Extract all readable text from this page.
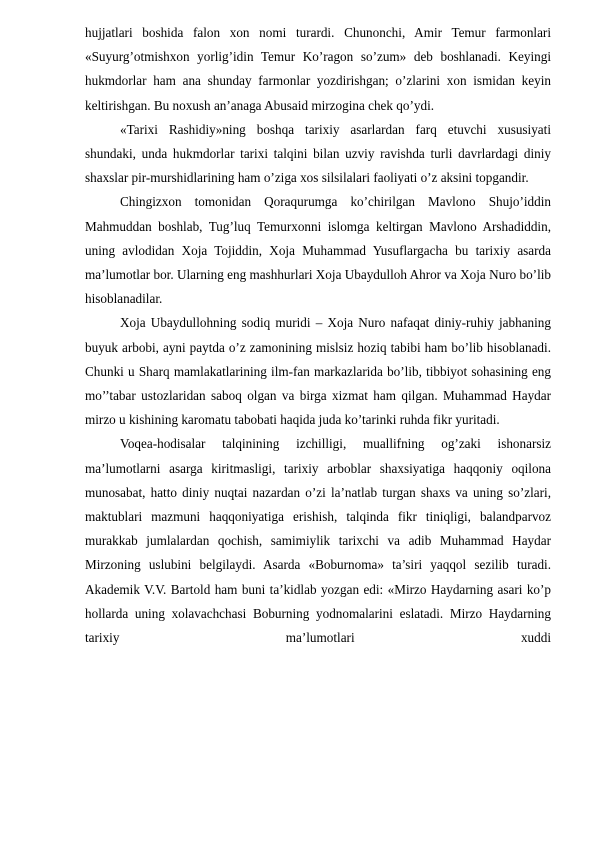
hujjatlari boshida falon xon nomi turardi. Chunonchi, Amir Temur farmonlari «Suyurg’otmishxon yorlig’idin Temur Ko’ragon so’zum» deb boshlanadi. Keyingi hukmdorlar ham ana shunday farmonlar yozdirishgan; o’zlarini xon ismidan keyin keltirishgan. Bu noxush an’anaga Abusaid mirzogina chek qo’ydi.

«Tarixi Rashidiy»ning boshqa tarixiy asarlardan farq etuvchi xususiyati shundaki, unda hukmdorlar tarixi talqini bilan uzviy ravishda turli davrlardagi diniy shaxslar pir-murshidlarining ham o’ziga xos silsilalari faoliyati o’z aksini topgandir.

Chingizxon tomonidan Qoraqurumga ko’chirilgan Mavlono Shujo’iddin Mahmuddan boshlab, Tug’luq Temurxonni islomga keltirgan Mavlono Arshadiddin, uning avlodidan Xoja Tojiddin, Xoja Muhammad Yusuflargacha bu tarixiy asarda ma’lumotlar bor. Ularning eng mashhurlari Xoja Ubaydulloh Ahror va Xoja Nuro bo’lib hisoblanadilar.

Xoja Ubaydullohning sodiq muridi – Xoja Nuro nafaqat diniy-ruhiy jabhaning buyuk arbobi, ayni paytda o’z zamonining mislsiz hoziq tabibi ham bo’lib hisoblanadi. Chunki u Sharq mamlakatlarining ilm-fan markazlarida bo’lib, tibbiyot sohasining eng mo’’tabar ustozlaridan saboq olgan va birga xizmat ham qilgan. Muhammad Haydar mirzo u kishining karomatu tabobati haqida juda ko’tarinki ruhda fikr yuritadi.

Voqea-hodisalar talqinining izchilligi, muallifning og’zaki ishonarsiz ma’lumotlarni asarga kiritmasligi, tarixiy arboblar shaxsiyatiga haqqoniy oqilona munosabat, hatto diniy nuqtai nazardan o’zi la’natlab turgan shaxs va uning so’zlari, maktublari mazmuni haqqoniyatiga erishish, talqinda fikr tiniqligi, balandparvoz murakkab jumlalardan qochish, samimiylik tarixchi va adib Muhammad Haydar Mirzoning uslubini belgilaydi. Asarda «Boburnoma» ta’siri yaqqol sezilib turadi. Akademik V.V. Bartold ham buni ta’kidlab yozgan edi: «Mirzo Haydarning asari ko’p hollarda uning xolavachchasi Boburning yodnomalarini eslatadi. Mirzo Haydarning tarixiy ma’lumotlari xuddi
